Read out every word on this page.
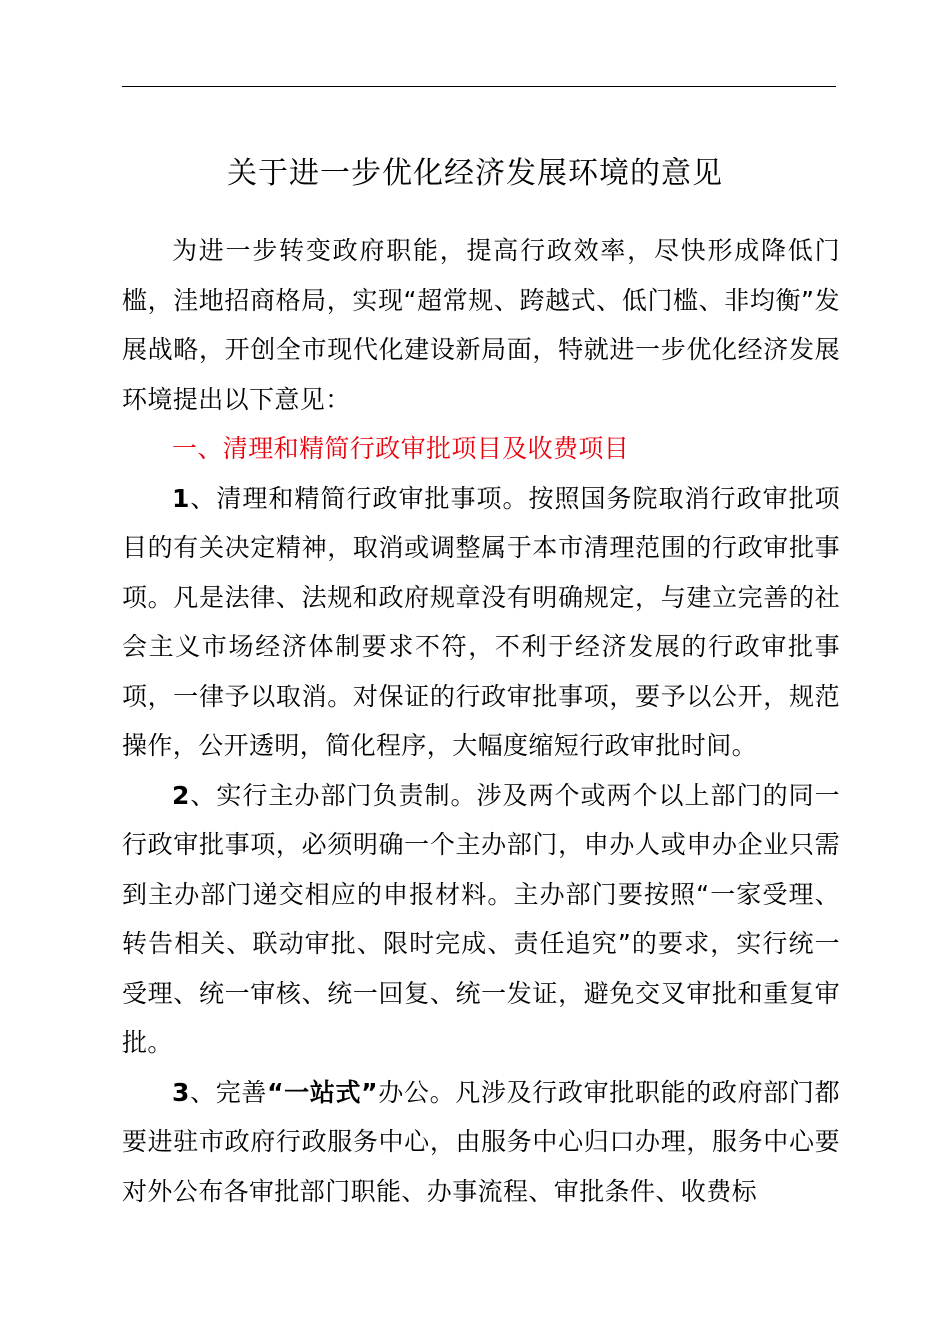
关于进一步优化经济发展环境的意见

为进一步转变政府职能，提高行政效率，尽快形成降低门槛，洼地招商格局，实现“超常规、跨越式、低门槛、非均衡”发展战略，开创全市现代化建设新局面，特就进一步优化经济发展环境提出以下意见：

一、清理和精简行政审批项目及收费项目

1、清理和精简行政审批事项。按照国务院取消行政审批项目的有关决定精神，取消或调整属于本市清理范围的行政审批事项。凡是法律、法规和政府规章没有明确规定，与建立完善的社会主义市场经济体制要求不符，不利于经济发展的行政审批事项，一律予以取消。对保证的行政审批事项，要予以公开，规范操作，公开透明，简化程序，大幅度缩短行政审批时间。

2、实行主办部门负责制。涉及两个或两个以上部门的同一行政审批事项，必须明确一个主办部门，申办人或申办企业只需到主办部门递交相应的申报材料。主办部门要按照“一家受理、转告相关、联动审批、限时完成、责任追究”的要求，实行统一受理、统一审核、统一回复、统一发证，避免交叉审批和重复审批。

3、完善“一站式”办公。凡涉及行政审批职能的政府部门都要进驻市政府行政服务中心，由服务中心归口办理，服务中心要对外公布各审批部门职能、办事流程、审批条件、收费标
